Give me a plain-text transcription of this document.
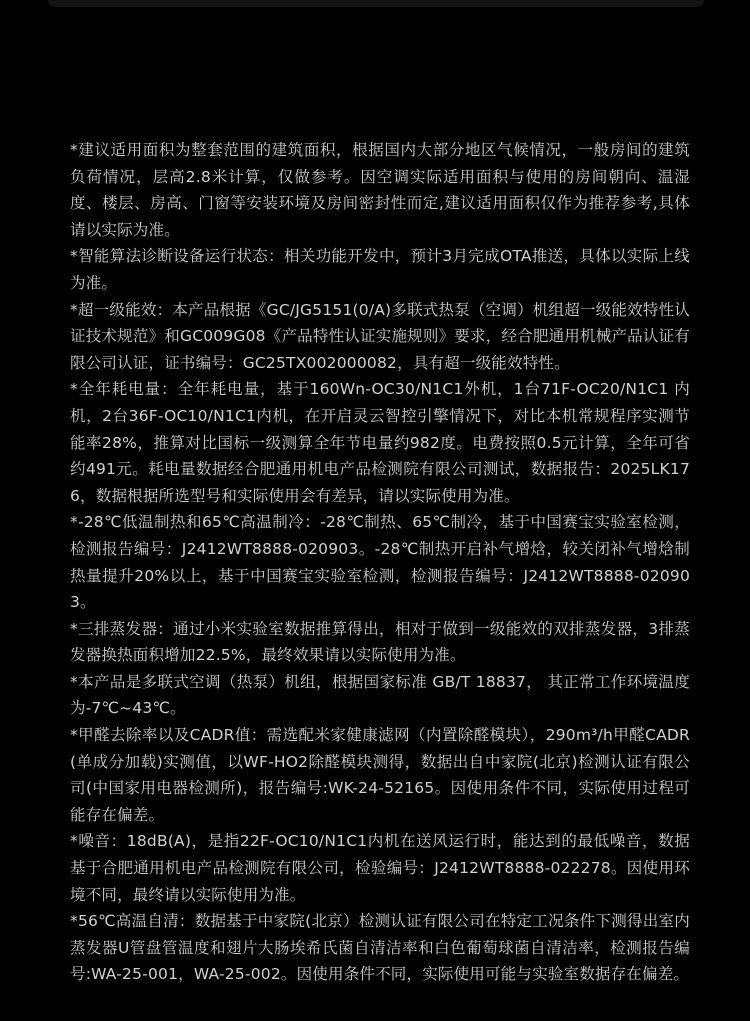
*建议适用面积为整套范围的建筑面积，根据国内大部分地区气候情况，一般房间的建筑负荷情况，层高2.8米计算，仅做参考。因空调实际适用面积与使用的房间朝向、温湿度、楼层、房高、门窗等安装环境及房间密封性而定,建议适用面积仅作为推荐参考,具体请以实际为准。

*智能算法诊断设备运行状态：相关功能开发中，预计3月完成OTA推送，具体以实际上线为准。

*超一级能效：本产品根据《GC/JG5151(0/A)多联式热泵（空调）机组超一级能效特性认证技术规范》和GC009G08《产品特性认证实施规则》要求，经合肥通用机械产品认证有限公司认证，证书编号：GC25TX002000082，具有超一级能效特性。

*全年耗电量：全年耗电量，基于160Wn-OC30/N1C1外机，1台71F-OC20/N1C1 内机，2台36F-OC10/N1C1内机，在开启灵云智控引擎情况下，对比本机常规程序实测节能率28%，推算对比国标一级测算全年节电量约982度。电费按照0.5元计算，全年可省约491元。耗电量数据经合肥通用机电产品检测院有限公司测试，数据报告：2025LK176，数据根据所选型号和实际使用会有差异，请以实际使用为准。

*-28℃低温制热和65℃高温制冷：-28℃制热、65℃制冷，基于中国赛宝实验室检测，检测报告编号：J2412WT8888-020903。-28℃制热开启补气增焓，较关闭补气增焓制热量提升20%以上，基于中国赛宝实验室检测，检测报告编号：J2412WT8888-020903。

*三排蒸发器：通过小米实验室数据推算得出，相对于做到一级能效的双排蒸发器，3排蒸发器换热面积增加22.5%，最终效果请以实际使用为准。

*本产品是多联式空调（热泵）机组，根据国家标准 GB/T 18837， 其正常工作环境温度为-7℃~43℃。

*甲醛去除率以及CADR值：需选配米家健康滤网（内置除醛模块），290m³/h甲醛CADR(单成分加载)实测值，以WF-HO2除醛模块测得，数据出自中家院(北京)检测认证有限公司(中国家用电器检测所)，报告编号:WK-24-52165。因使用条件不同，实际使用过程可能存在偏差。

*噪音：18dB(A)，是指22F-OC10/N1C1内机在送风运行时，能达到的最低噪音，数据基于合肥通用机电产品检测院有限公司，检验编号：J2412WT8888-022278。因使用环境不同，最终请以实际使用为准。

*56℃高温自清：数据基于中家院(北京）检测认证有限公司在特定工况条件下测得出室内蒸发器U管盘管温度和翅片大肠埃希氏菌自清洁率和白色葡萄球菌自清洁率，检测报告编号:WA-25-001，WA-25-002。因使用条件不同，实际使用可能与实验室数据存在偏差。
